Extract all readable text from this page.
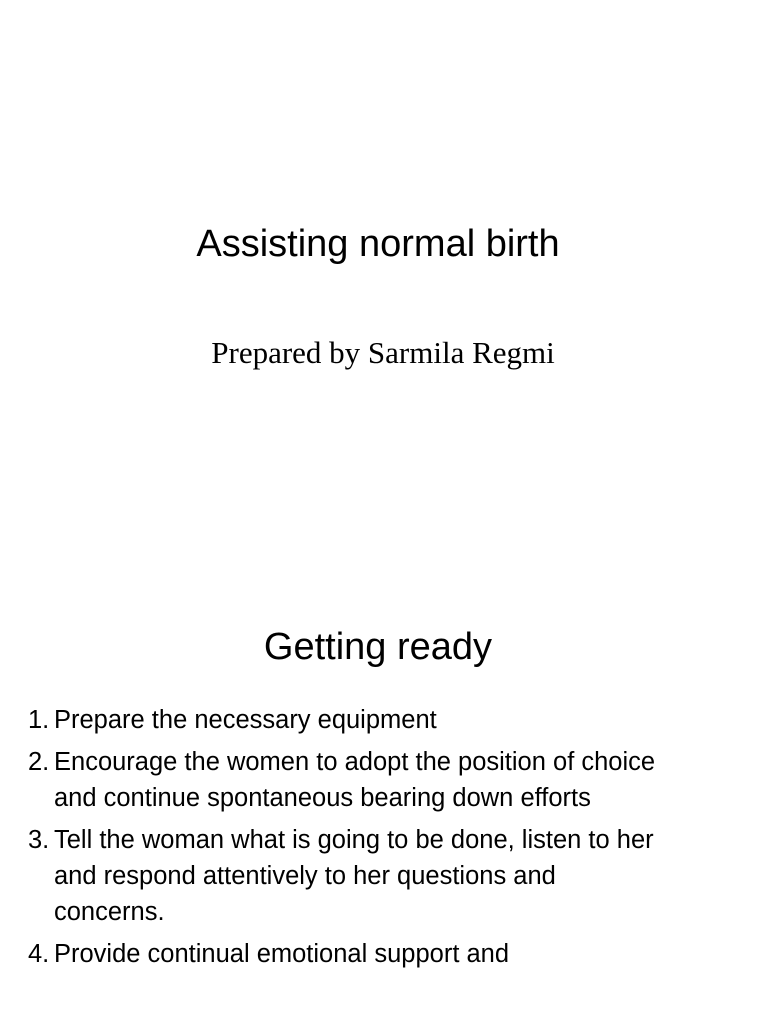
Assisting normal birth
Prepared by Sarmila Regmi
Getting ready
1. Prepare the necessary equipment
2. Encourage the women to adopt the position of choice and continue spontaneous bearing down efforts
3. Tell the woman what is going to be done, listen to her and respond attentively to her questions and concerns.
4. Provide continual emotional support and
